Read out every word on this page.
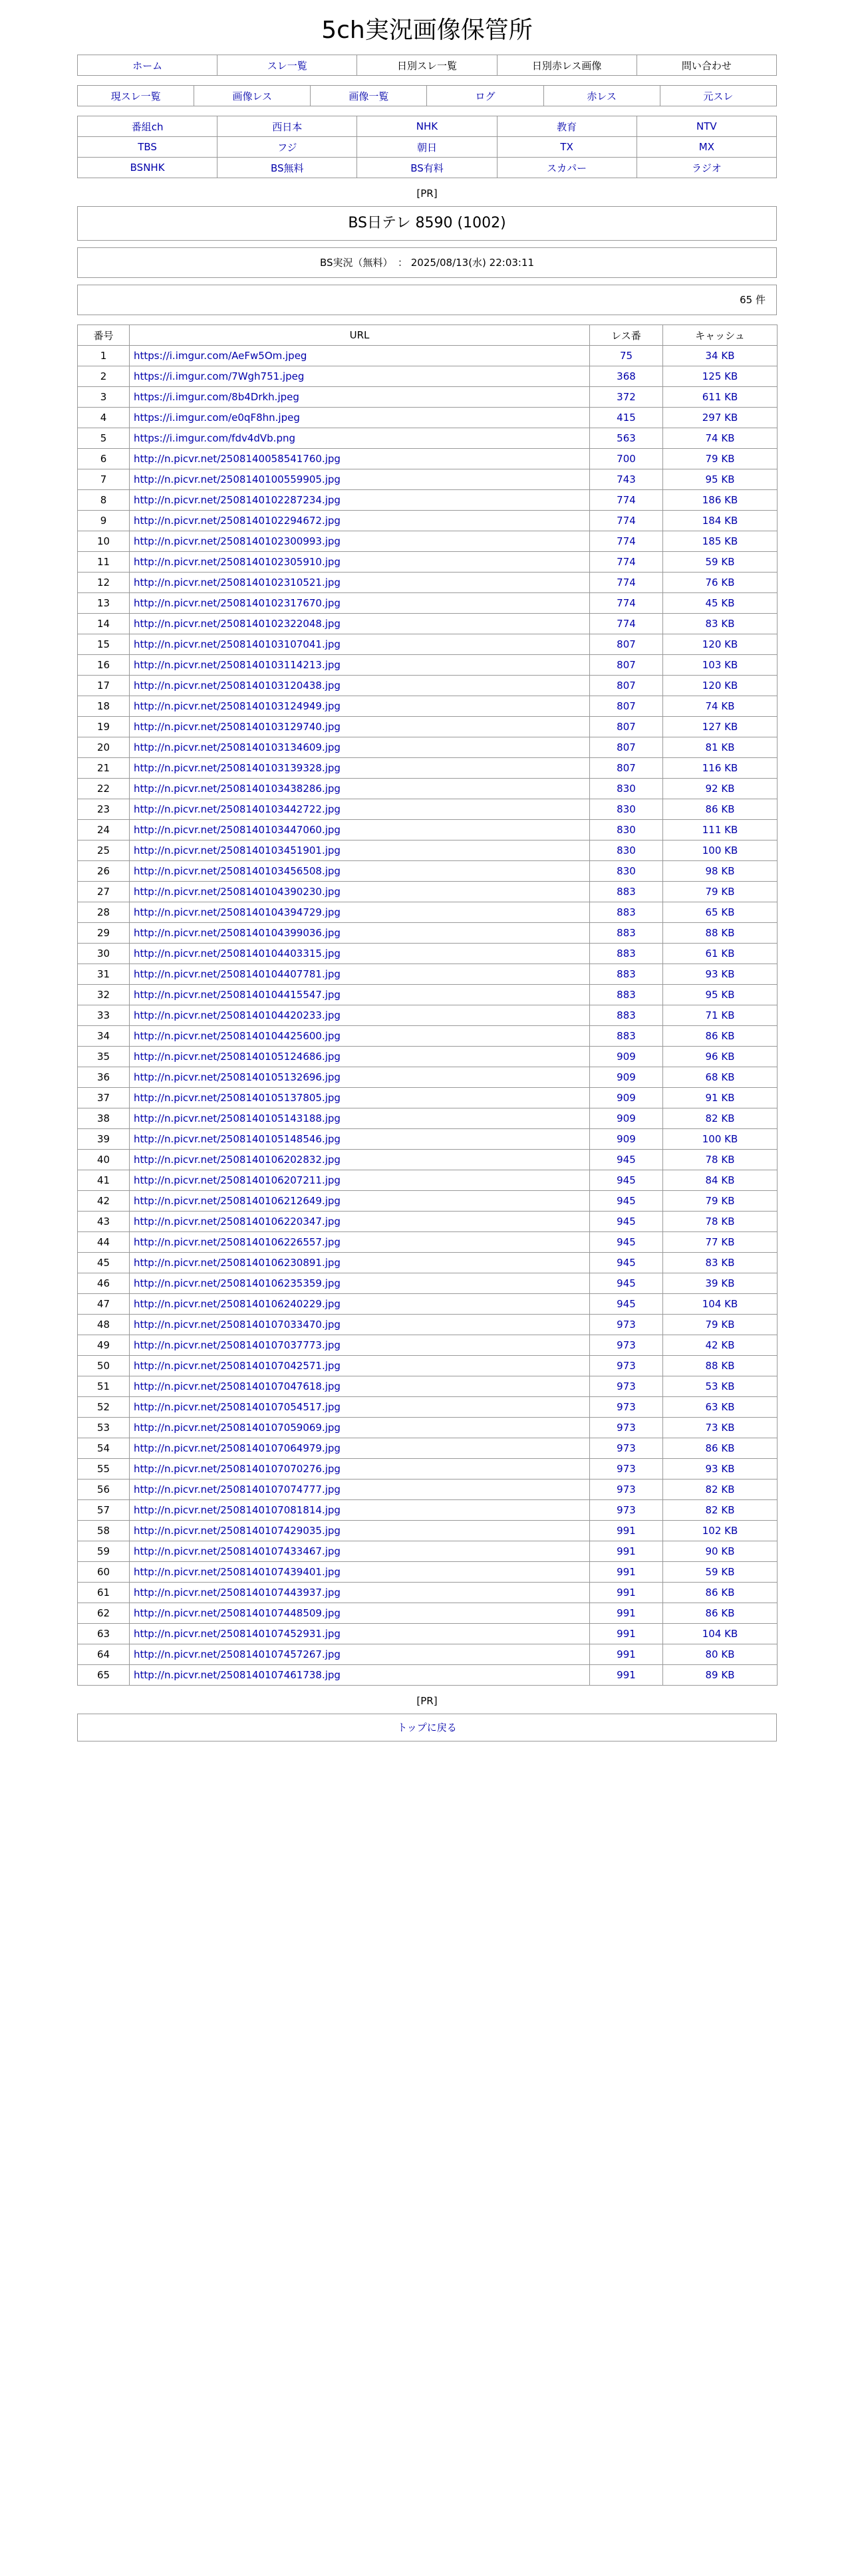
5ch実況画像保管所
ホーム	スレ一覧	日別スレ一覧	日別赤レス画像	問い合わせ
現スレ一覧	画像レス	画像一覧	ログ	赤レス	元スレ
番組ch	西日本	NHK	教育	NTV
TBS	フジ	朝日	TX	MX
BSNHK	BS無料	BS有料	スカパー	ラジオ
[PR]
BS日テレ 8590 (1002)
BS実況（無料）　： 2025/08/13(水) 22:03:11
65 件
番号	URL	レス番	キャッシュ
1	https://i.imgur.com/AeFw5Om.jpeg	75	34 KB
2	https://i.imgur.com/7Wgh751.jpeg	368	125 KB
3	https://i.imgur.com/8b4Drkh.jpeg	372	611 KB
4	https://i.imgur.com/e0qF8hn.jpeg	415	297 KB
5	https://i.imgur.com/fdv4dVb.png	563	74 KB
6	http://n.picvr.net/2508140058541760.jpg	700	79 KB
7	http://n.picvr.net/2508140100559905.jpg	743	95 KB
8	http://n.picvr.net/2508140102287234.jpg	774	186 KB
9	http://n.picvr.net/2508140102294672.jpg	774	184 KB
10	http://n.picvr.net/2508140102300993.jpg	774	185 KB
11	http://n.picvr.net/2508140102305910.jpg	774	59 KB
12	http://n.picvr.net/2508140102310521.jpg	774	76 KB
13	http://n.picvr.net/2508140102317670.jpg	774	45 KB
14	http://n.picvr.net/2508140102322048.jpg	774	83 KB
15	http://n.picvr.net/2508140103107041.jpg	807	120 KB
16	http://n.picvr.net/2508140103114213.jpg	807	103 KB
17	http://n.picvr.net/2508140103120438.jpg	807	120 KB
18	http://n.picvr.net/2508140103124949.jpg	807	74 KB
19	http://n.picvr.net/2508140103129740.jpg	807	127 KB
20	http://n.picvr.net/2508140103134609.jpg	807	81 KB
21	http://n.picvr.net/2508140103139328.jpg	807	116 KB
22	http://n.picvr.net/2508140103438286.jpg	830	92 KB
23	http://n.picvr.net/2508140103442722.jpg	830	86 KB
24	http://n.picvr.net/2508140103447060.jpg	830	111 KB
25	http://n.picvr.net/2508140103451901.jpg	830	100 KB
26	http://n.picvr.net/2508140103456508.jpg	830	98 KB
27	http://n.picvr.net/2508140104390230.jpg	883	79 KB
28	http://n.picvr.net/2508140104394729.jpg	883	65 KB
29	http://n.picvr.net/2508140104399036.jpg	883	88 KB
30	http://n.picvr.net/2508140104403315.jpg	883	61 KB
31	http://n.picvr.net/2508140104407781.jpg	883	93 KB
32	http://n.picvr.net/2508140104415547.jpg	883	95 KB
33	http://n.picvr.net/2508140104420233.jpg	883	71 KB
34	http://n.picvr.net/2508140104425600.jpg	883	86 KB
35	http://n.picvr.net/2508140105124686.jpg	909	96 KB
36	http://n.picvr.net/2508140105132696.jpg	909	68 KB
37	http://n.picvr.net/2508140105137805.jpg	909	91 KB
38	http://n.picvr.net/2508140105143188.jpg	909	82 KB
39	http://n.picvr.net/2508140105148546.jpg	909	100 KB
40	http://n.picvr.net/2508140106202832.jpg	945	78 KB
41	http://n.picvr.net/2508140106207211.jpg	945	84 KB
42	http://n.picvr.net/2508140106212649.jpg	945	79 KB
43	http://n.picvr.net/2508140106220347.jpg	945	78 KB
44	http://n.picvr.net/2508140106226557.jpg	945	77 KB
45	http://n.picvr.net/2508140106230891.jpg	945	83 KB
46	http://n.picvr.net/2508140106235359.jpg	945	39 KB
47	http://n.picvr.net/2508140106240229.jpg	945	104 KB
48	http://n.picvr.net/2508140107033470.jpg	973	79 KB
49	http://n.picvr.net/2508140107037773.jpg	973	42 KB
50	http://n.picvr.net/2508140107042571.jpg	973	88 KB
51	http://n.picvr.net/2508140107047618.jpg	973	53 KB
52	http://n.picvr.net/2508140107054517.jpg	973	63 KB
53	http://n.picvr.net/2508140107059069.jpg	973	73 KB
54	http://n.picvr.net/2508140107064979.jpg	973	86 KB
55	http://n.picvr.net/2508140107070276.jpg	973	93 KB
56	http://n.picvr.net/2508140107074777.jpg	973	82 KB
57	http://n.picvr.net/2508140107081814.jpg	973	82 KB
58	http://n.picvr.net/2508140107429035.jpg	991	102 KB
59	http://n.picvr.net/2508140107433467.jpg	991	90 KB
60	http://n.picvr.net/2508140107439401.jpg	991	59 KB
61	http://n.picvr.net/2508140107443937.jpg	991	86 KB
62	http://n.picvr.net/2508140107448509.jpg	991	86 KB
63	http://n.picvr.net/2508140107452931.jpg	991	104 KB
64	http://n.picvr.net/2508140107457267.jpg	991	80 KB
65	http://n.picvr.net/2508140107461738.jpg	991	89 KB
[PR]
トップに戻る
